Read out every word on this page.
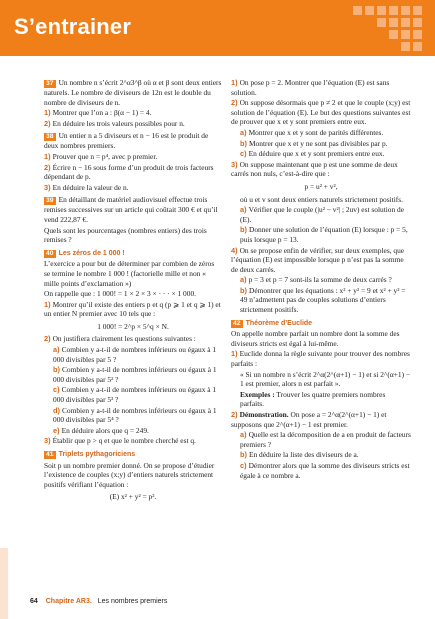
S’entrainer

37 Un nombre n s’écrit 2^α3^β où α et β sont deux entiers naturels. Le nombre de diviseurs de 12n est le double du nombre de diviseurs de n.

1) Montrer que l’on a : β(α − 1) = 4.

2) En déduire les trois valeurs possibles pour n.

38 Un entier n a 5 diviseurs et n − 16 est le produit de deux nombres premiers.

1) Prouver que n = p⁴, avec p premier.

2) Écrire n − 16 sous forme d’un produit de trois facteurs dépendant de p.

3) En déduire la valeur de n.

39 En détaillant de matériel audiovisuel effectue trois remises successives sur un article qui coûtait 300 € et qu’il vend 222,87 €.

Quels sont les pourcentages (nombres entiers) des trois remises ?

40 Les zéros de 1 000 !

L’exercice a pour but de déterminer par combien de zéros se termine le nombre 1 000 ! (factorielle mille et non « mille points d’exclamation »)

On rappelle que : 1 000! = 1 × 2 × 3 × · · · × 1 000.

1) Montrer qu’il existe des entiers p et q (p ⩾ 1 et q ⩾ 1) et un entier N premier avec 10 tels que :

1 000! = 2^p × 5^q × N.

2) On justifiera clairement les questions suivantes :

a) Combien y a-t-il de nombres inférieurs ou égaux à 1 000 divisibles par 5 ?

b) Combien y a-t-il de nombres inférieurs ou égaux à 1 000 divisibles par 5² ?

c) Combien y a-t-il de nombres inférieurs ou égaux à 1 000 divisibles par 5³ ?

d) Combien y a-t-il de nombres inférieurs ou égaux à 1 000 divisibles par 5⁴ ?

e) En déduire alors que q = 249.

3) Établir que p > q et que le nombre cherché est q.

41 Triplets pythagoriciens

Soit p un nombre premier donné. On se propose d’étudier l’existence de couples (x;y) d’entiers naturels strictement positifs vérifiant l’équation :

(E) x² + y² = p².

1) On pose p = 2. Montrer que l’équation (E) est sans solution.

2) On suppose désormais que p ≠ 2 et que le couple (x;y) est solution de l’équation (E). Le but des questions suivantes est de prouver que x et y sont premiers entre eux.

a) Montrer que x et y sont de parités différentes.

b) Montrer que x et y ne sont pas divisibles par p.

c) En déduire que x et y sont premiers entre eux.

3) On suppose maintenant que p est une somme de deux carrés non nuls, c’est-à-dire que :

p = u² + v²,

où u et v sont deux entiers naturels strictement positifs.

a) Vérifier que le couple (|u² − v²| ; 2uv) est solution de (E).

b) Donner une solution de l’équation (E) lorsque : p = 5, puis lorsque p = 13.

4) On se propose enfin de vérifier, sur deux exemples, que l’équation (E) est impossible lorsque p n’est pas la somme de deux carrés.

a) p = 3 et p = 7 sont-ils la somme de deux carrés ?

b) Démontrer que les équations : x² + y² = 9 et x² + y² = 49 n’admettent pas de couples solutions d’entiers strictement positifs.

42 Théorème d’Euclide

On appelle nombre parfait un nombre dont la somme des diviseurs stricts est égal à lui-même.

1) Euclide donna la règle suivante pour trouver des nombres parfaits :

« Si un nombre n s’écrit 2^α(2^(α+1) − 1) et si 2^(α+1) − 1 est premier, alors n est parfait ».

Exemples : Trouver les quatre premiers nombres parfaits.

2) Démonstration. On pose a = 2^α(2^(α+1) − 1) et supposons que 2^(α+1) − 1 est premier.

a) Quelle est la décomposition de a en produit de facteurs premiers ?

b) En déduire la liste des diviseurs de a.

c) Démontrer alors que la somme des diviseurs stricts est égale à ce nombre a.

64 Chapitre AR3. Les nombres premiers
